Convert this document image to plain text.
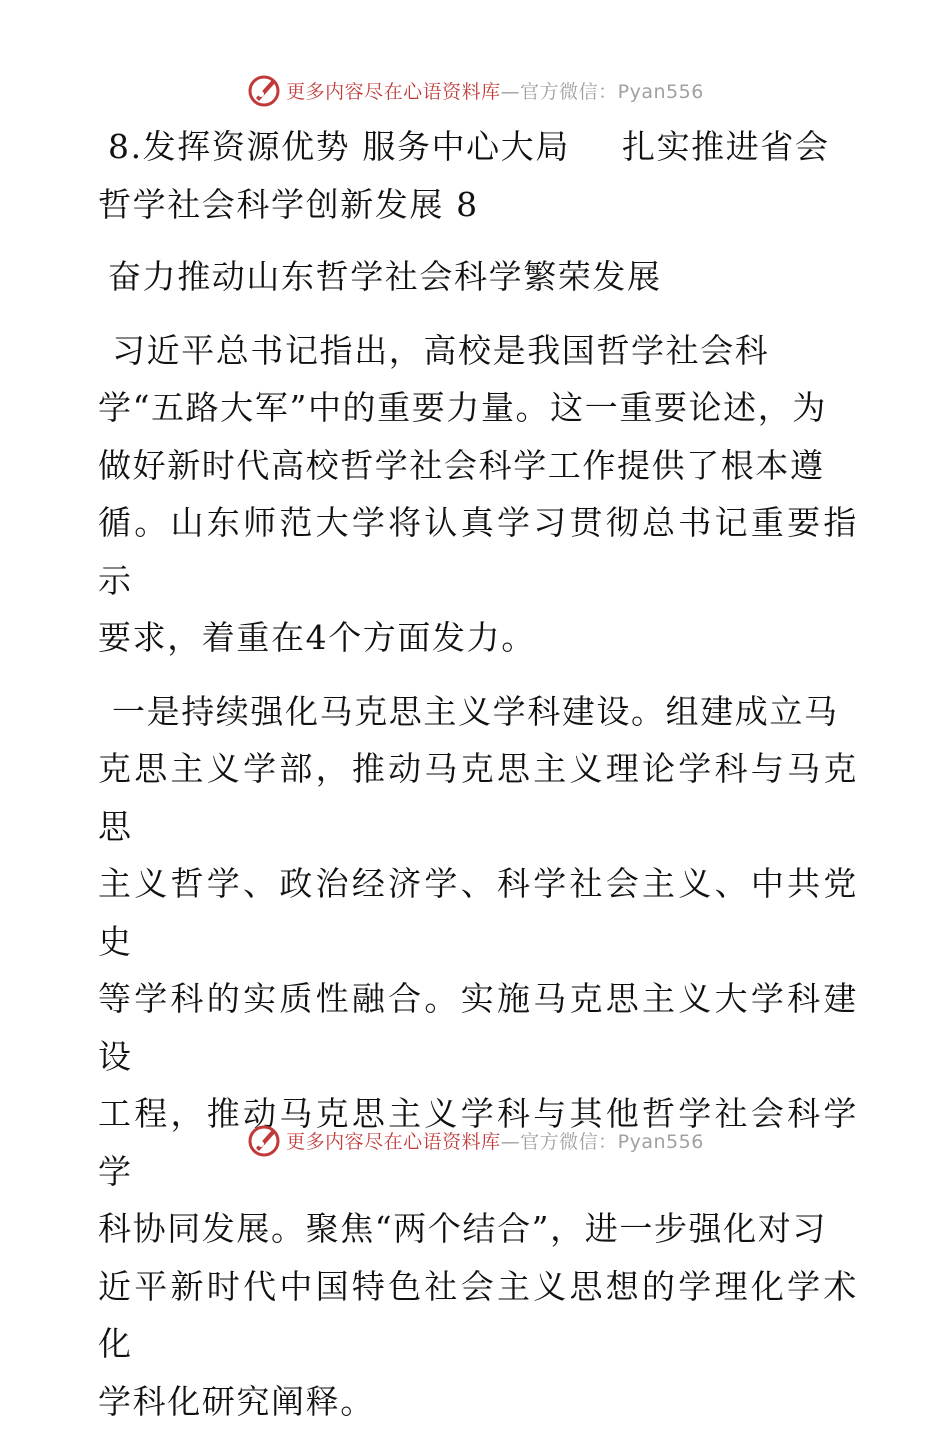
更多内容尽在心语资料库—官方微信：Pyan556

8.发挥资源优势 服务中心大局 扎实推进省会

哲学社会科学创新发展 8

奋力推动山东哲学社会科学繁荣发展

习近平总书记指出，高校是我国哲学社会科
学“五路大军”中的重要力量。这一重要论述，为
做好新时代高校哲学社会科学工作提供了根本遵
循。山东师范大学将认真学习贯彻总书记重要指示
要求，着重在4个方面发力。

一是持续强化马克思主义学科建设。组建成立马
克思主义学部，推动马克思主义理论学科与马克思
主义哲学、政治经济学、科学社会主义、中共党史
等学科的实质性融合。实施马克思主义大学科建设
工程，推动马克思主义学科与其他哲学社会科学学
科协同发展。聚焦“两个结合”，进一步强化对习
近平新时代中国特色社会主义思想的学理化学术化
学科化研究阐释。

更多内容尽在心语资料库—官方微信：Pyan556
